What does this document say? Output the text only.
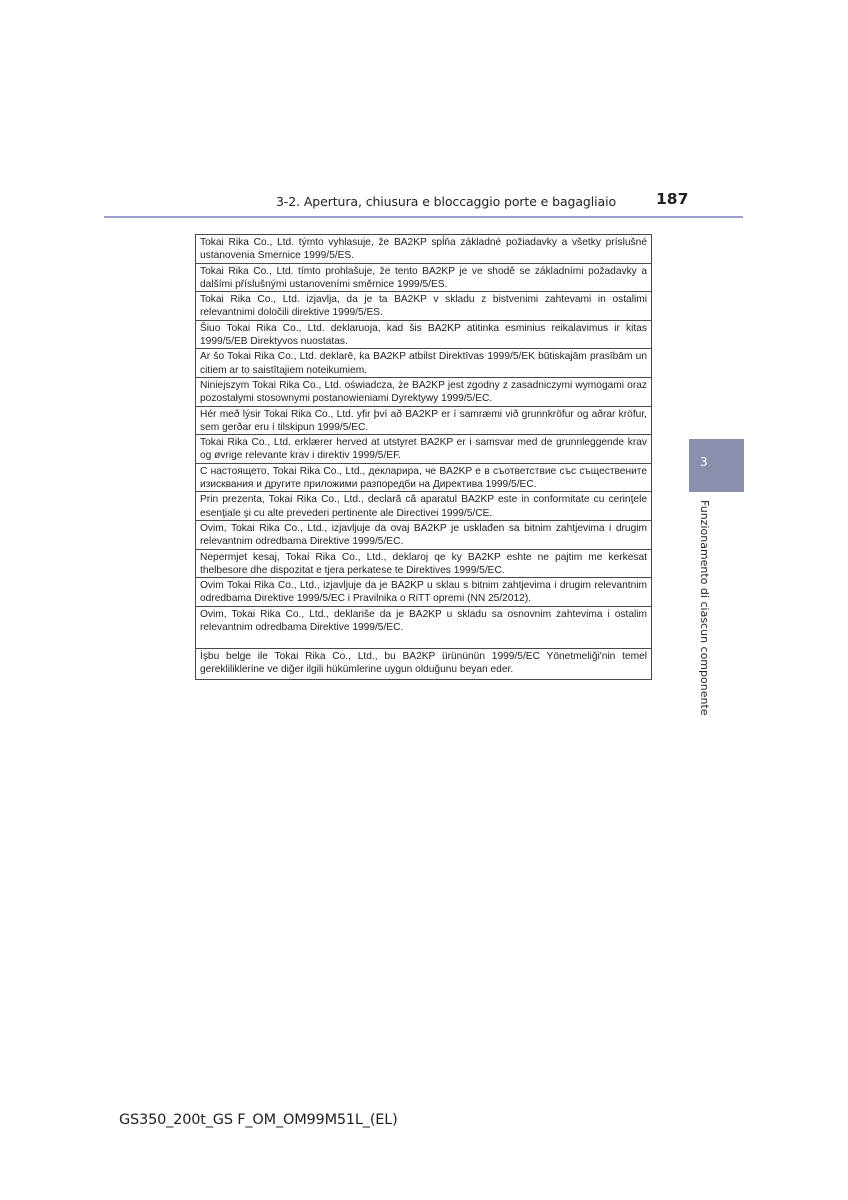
3-2. Apertura, chiusura e bloccaggio porte e bagagliaio	187
3
Funzionamento di ciascun componente
Tokai Rika Co., Ltd. týmto vyhlasuje, že BA2KP spĺňa základné požiadavky a všetky príslušné ustanovenia Smernice 1999/5/ES.
Tokai Rika Co., Ltd. tímto prohlašuje, že tento BA2KP je ve shodě se základními požadavky a dalšími příslušnými ustanoveními směrnice 1999/5/ES.
Tokai Rika Co., Ltd. izjavlja, da je ta BA2KP v skladu z bistvenimi zahtevami in ostalimi relevantnimi določili direktive 1999/5/ES.
Šiuo Tokai Rika Co., Ltd. deklaruoja, kad šis BA2KP atitinka esminius reikalavimus ir kitas 1999/5/EB Direktyvos nuostatas.
Ar šo Tokai Rika Co., Ltd. deklarē, ka BA2KP atbilst Direktīvas 1999/5/EK būtiskajām prasībām un citiem ar to saistītajiem noteikumiem.
Niniejszym Tokai Rika Co., Ltd. oświadcza, że BA2KP jest zgodny z zasadniczymi wymogami oraz pozostałymi stosownymi postanowieniami Dyrektywy 1999/5/EC.
Hér með lýsir Tokai Rika Co., Ltd. yfir því að BA2KP er í samræmi við grunnkröfur og aðrar kröfur, sem gerðar eru í tilskipun 1999/5/EC.
Tokai Rika Co., Ltd. erklærer herved at utstyret BA2KP er i samsvar med de grunnleggende krav og øvrige relevante krav i direktiv 1999/5/EF.
С настоящето, Tokai Rika Co., Ltd., декларира, че BA2KP е в съответствие със съществените изисквания и другите приложими разпоредби на Директива 1999/5/EC.
Prin prezenta, Tokai Rika Co., Ltd., declară că aparatul BA2KP este in conformitate cu cerinţele esenţiale şi cu alte prevederi pertinente ale Directivei 1999/5/CE.
Ovim, Tokai Rika Co., Ltd., izjavljuje da ovaj BA2KP je usklađen sa bitnim zahtjevima i drugim relevantnim odredbama Direktive 1999/5/EC.
Nepermjet kesaj, Tokai Rika Co., Ltd., deklaroj qe ky BA2KP eshte ne pajtim me kerkesat thelbesore dhe dispozitat e tjera perkatese te Direktives 1999/5/EC.
Ovim Tokai Rika Co., Ltd., izjavljuje da je BA2KP u sklau s bitnim zahtjevima i drugim relevantnim odredbama Direktive 1999/5/EC i Pravilnika o RiTT opremi (NN 25/2012).
Ovim, Tokai Rika Co., Ltd., deklariše da je BA2KP u skladu sa osnovnim zahtevima i ostalim relevantnim odredbama Direktive 1999/5/EC.
İşbu belge ile Tokai Rika Co., Ltd., bu BA2KP ürününün 1999/5/EC Yönetmeliği'nin temel gerekliliklerine ve diğer ilgili hükümlerine uygun olduğunu beyan eder.
GS350_200t_GS F_OM_OM99M51L_(EL)
